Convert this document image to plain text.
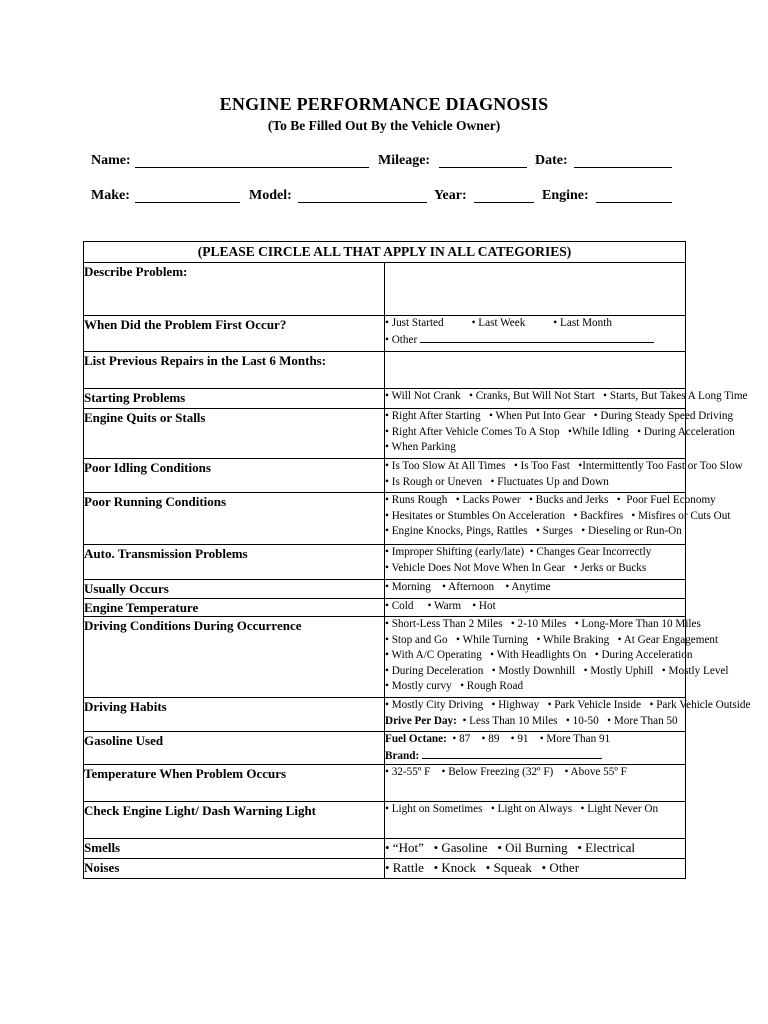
ENGINE PERFORMANCE DIAGNOSIS
(To Be Filled Out By the Vehicle Owner)
Name:	Mileage:	Date:
Make:	Model:	Year:	Engine:
(PLEASE CIRCLE ALL THAT APPLY IN ALL CATEGORIES)	
Describe Problem:	
When Did the Problem First Occur?	• Just Started          • Last Week          • Last Month
• Other

List Previous Repairs in the Last 6 Months:	
Starting Problems	• Will Not Crank   • Cranks, But Will Not Start   • Starts, But Takes A Long Time

Engine Quits or Stalls	• Right After Starting   • When Put Into Gear   • During Steady Speed Driving
• Right After Vehicle Comes To A Stop   •While Idling   • During Acceleration
• When Parking

Poor Idling Conditions	• Is Too Slow At All Times   • Is Too Fast   •Intermittently Too Fast or Too Slow
• Is Rough or Uneven   • Fluctuates Up and Down

Poor Running Conditions	• Runs Rough   • Lacks Power   • Bucks and Jerks   •  Poor Fuel Economy
• Hesitates or Stumbles On Acceleration   • Backfires   • Misfires or Cuts Out
• Engine Knocks, Pings, Rattles   • Surges   • Dieseling or Run-On

Auto. Transmission Problems	• Improper Shifting (early/late)  • Changes Gear Incorrectly
• Vehicle Does Not Move When In Gear   • Jerks or Bucks

Usually Occurs	• Morning    • Afternoon    • Anytime

Engine Temperature	• Cold     • Warm    • Hot

Driving Conditions During Occurrence	• Short-Less Than 2 Miles   • 2-10 Miles   • Long-More Than 10 Miles
• Stop and Go   • While Turning   • While Braking   • At Gear Engagement
• With A/C Operating   • With Headlights On   • During Acceleration
• During Deceleration   • Mostly Downhill   • Mostly Uphill   • Mostly Level
• Mostly curvy   • Rough Road

Driving Habits	• Mostly City Driving   • Highway   • Park Vehicle Inside   • Park Vehicle Outside
Drive Per Day:  • Less Than 10 Miles   • 10-50   • More Than 50

Gasoline Used	Fuel Octane:  • 87    • 89    • 91    • More Than 91
Brand:

Temperature When Problem Occurs	• 32-55º F    • Below Freezing (32º F)    • Above 55º F

Check Engine Light/ Dash Warning Light	• Light on Sometimes   • Light on Always   • Light Never On

Smells	• “Hot”   • Gasoline   • Oil Burning   • Electrical

Noises	• Rattle   • Knock   • Squeak   • Other
